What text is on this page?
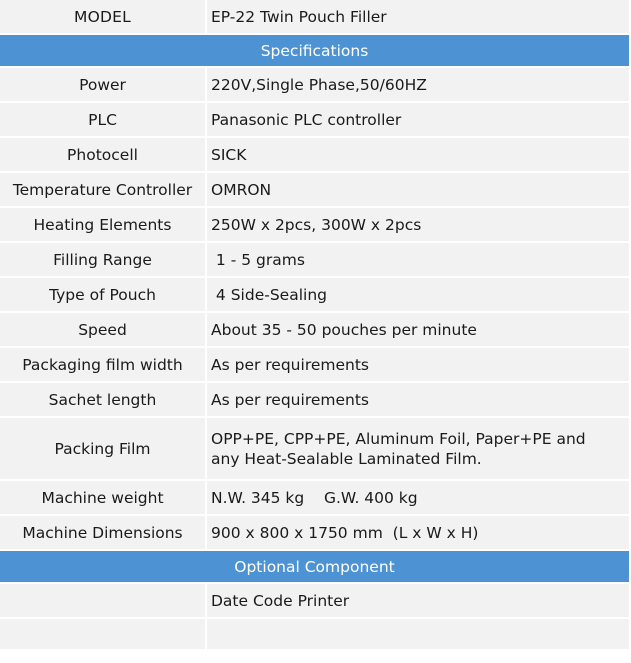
MODEL	EP-22 Twin Pouch Filler
Specifications	
Power	220V,Single Phase,50/60HZ
PLC	Panasonic PLC controller
Photocell	SICK
Temperature Controller	OMRON
Heating Elements	250W x 2pcs, 300W x 2pcs
Filling Range	1 - 5 grams
Type of Pouch	4 Side-Sealing
Speed	About 35 - 50 pouches per minute
Packaging film width	As per requirements
Sachet length	As per requirements
Packing Film	OPP+PE, CPP+PE, Aluminum Foil, Paper+PE and any Heat-Sealable Laminated Film.
Machine weight	N.W. 345 kg    G.W. 400 kg
Machine Dimensions	900 x 800 x 1750 mm  (L x W x H)
Optional Component	
	Date Code Printer
